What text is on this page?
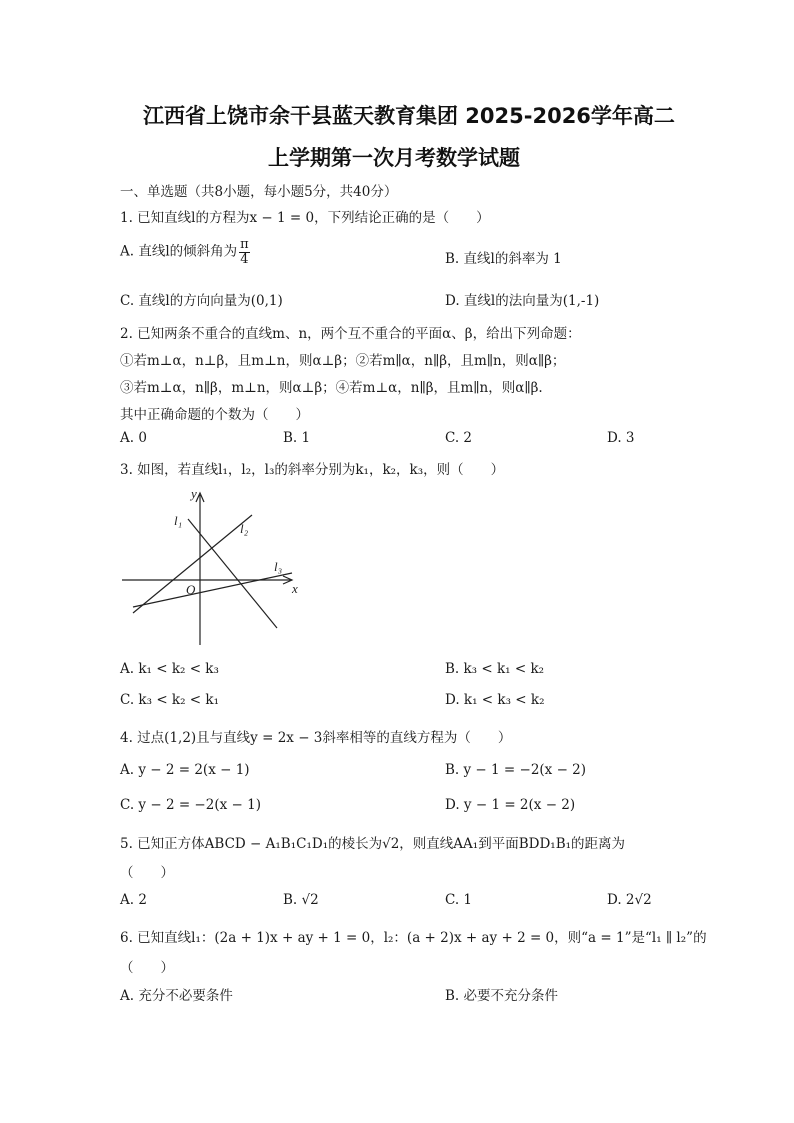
江西省上饶市余干县蓝天教育集团 2025-2026学年高二
上学期第一次月考数学试题
一、单选题（共8小题，每小题5分，共40分）
1. 已知直线l的方程为x − 1 = 0，下列结论正确的是（　　）
A. 直线l的倾斜角为 $\frac{\pi}{4}$	B. 直线l的斜率为 1
C. 直线l的方向向量为(0,1)	D. 直线l的法向量为(1,‑1)
2. 已知两条不重合的直线m、n，两个互不重合的平面α、β，给出下列命题：
①若m⊥α，n⊥β，且m⊥n，则α⊥β；②若m∥α，n∥β，且m∥n，则α∥β；
③若m⊥α，n∥β，m⊥n，则α⊥β；④若m⊥α，n∥β，且m∥n，则α∥β.
其中正确命题的个数为（　　）
A. 0	B. 1	C. 2	D. 3
3. 如图，若直线l₁，l₂，l₃的斜率分别为k₁，k₂，k₃，则（　　）
y
x
O
l₁
l₂
l₃
A. k₁ < k₂ < k₃	B. k₃ < k₁ < k₂
C. k₃ < k₂ < k₁	D. k₁ < k₃ < k₂
4. 过点(1,2)且与直线y = 2x − 3斜率相等的直线方程为（　　）
A. y − 2 = 2(x − 1)	B. y − 1 = −2(x − 2)
C. y − 2 = −2(x − 1)	D. y − 1 = 2(x − 2)
5. 已知正方体ABCD − A₁B₁C₁D₁的棱长为√2，则直线AA₁到平面BDD₁B₁的距离为
（　　）
A. 2	B. √2	C. 1	D. 2√2
6. 已知直线l₁：(2a + 1)x + ay + 1 = 0，l₂：(a + 2)x + ay + 2 = 0，则“a = 1”是“l₁ ∥ l₂”的
（　　）
A. 充分不必要条件	B. 必要不充分条件
